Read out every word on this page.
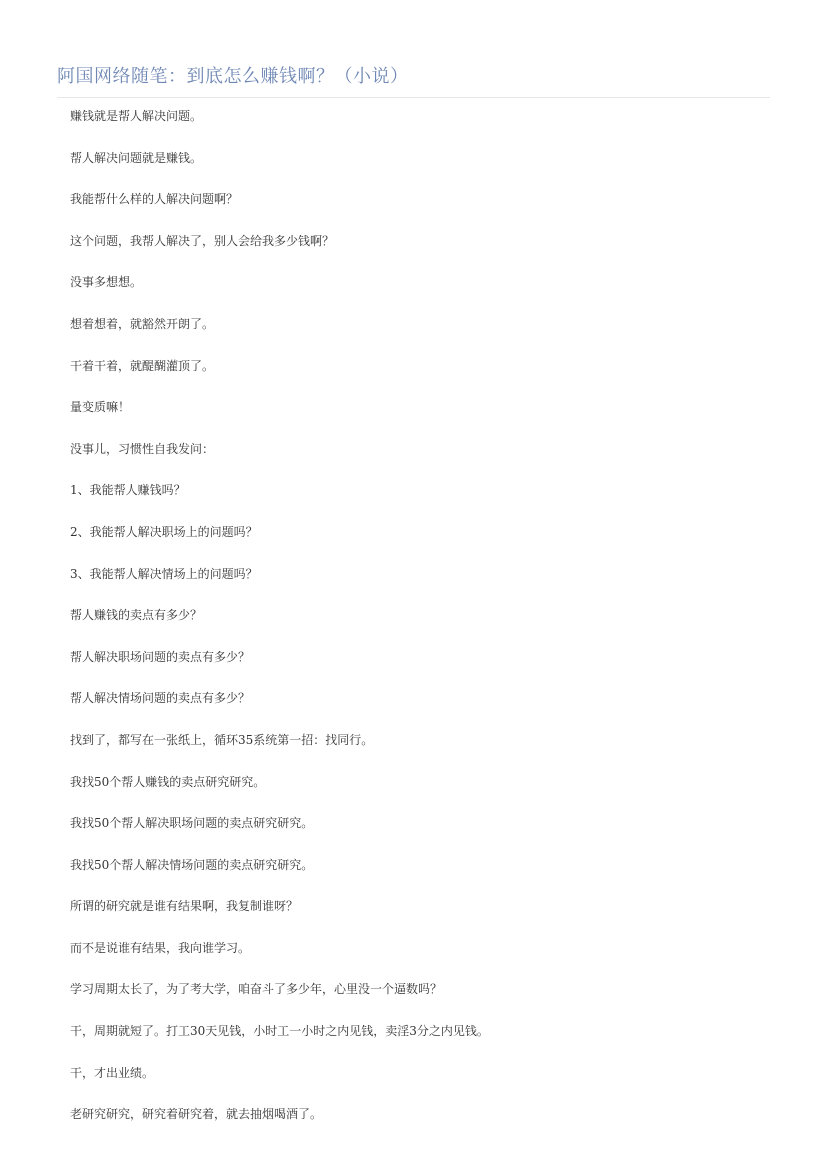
阿国网络随笔：到底怎么赚钱啊？（小说）

赚钱就是帮人解决问题。

帮人解决问题就是赚钱。

我能帮什么样的人解决问题啊？

这个问题，我帮人解决了，别人会给我多少钱啊？

没事多想想。

想着想着，就豁然开朗了。

干着干着，就醍醐灌顶了。

量变质嘛！

没事儿，习惯性自我发问：

1、我能帮人赚钱吗？

2、我能帮人解决职场上的问题吗？

3、我能帮人解决情场上的问题吗？

帮人赚钱的卖点有多少？

帮人解决职场问题的卖点有多少？

帮人解决情场问题的卖点有多少？

找到了，都写在一张纸上，循环35系统第一招：找同行。

我找50个帮人赚钱的卖点研究研究。

我找50个帮人解决职场问题的卖点研究研究。

我找50个帮人解决情场问题的卖点研究研究。

所谓的研究就是谁有结果啊，我复制谁呀？

而不是说谁有结果，我向谁学习。

学习周期太长了，为了考大学，咱奋斗了多少年，心里没一个逼数吗？

干，周期就短了。打工30天见钱，小时工一小时之内见钱，卖淫3分之内见钱。

干，才出业绩。

老研究研究，研究着研究着，就去抽烟喝酒了。
